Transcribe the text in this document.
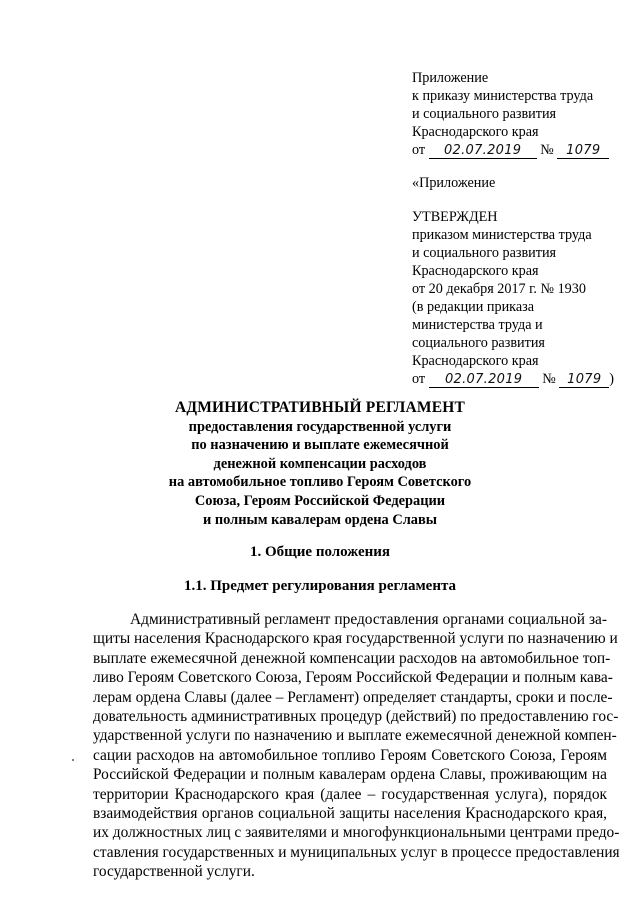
Приложение
к приказу министерства труда
и социального развития
Краснодарского края
от 02.07.2019 № 1079
«Приложение
УТВЕРЖДЕН
приказом министерства труда
и социального развития
Краснодарского края
от 20 декабря 2017 г. № 1930
(в редакции приказа
министерства труда и
социального развития
Краснодарского края
от 02.07.2019 № 1079 )
АДМИНИСТРАТИВНЫЙ РЕГЛАМЕНТ
предоставления государственной услуги
по назначению и выплате ежемесячной
денежной компенсации расходов
на автомобильное топливо Героям Советского
Союза, Героям Российской Федерации
и полным кавалерам ордена Славы
1. Общие положения
1.1. Предмет регулирования регламента
Административный регламент предоставления органами социальной за-
щиты населения Краснодарского края государственной услуги по назначению и
выплате ежемесячной денежной компенсации расходов на автомобильное топ-
ливо Героям Советского Союза, Героям Российской Федерации и полным кава-
лерам ордена Славы (далее – Регламент) определяет стандарты, сроки и после-
довательность административных процедур (действий) по предоставлению гос-
ударственной услуги по назначению и выплате ежемесячной денежной компен-
сации расходов на автомобильное топливо Героям Советского Союза, Героям
Российской Федерации и полным кавалерам ордена Славы, проживающим на
территории Краснодарского края (далее – государственная услуга), порядок
взаимодействия органов социальной защиты населения Краснодарского края,
их должностных лиц с заявителями и многофункциональными центрами предо-
ставления государственных и муниципальных услуг в процессе предоставления
государственной услуги.
